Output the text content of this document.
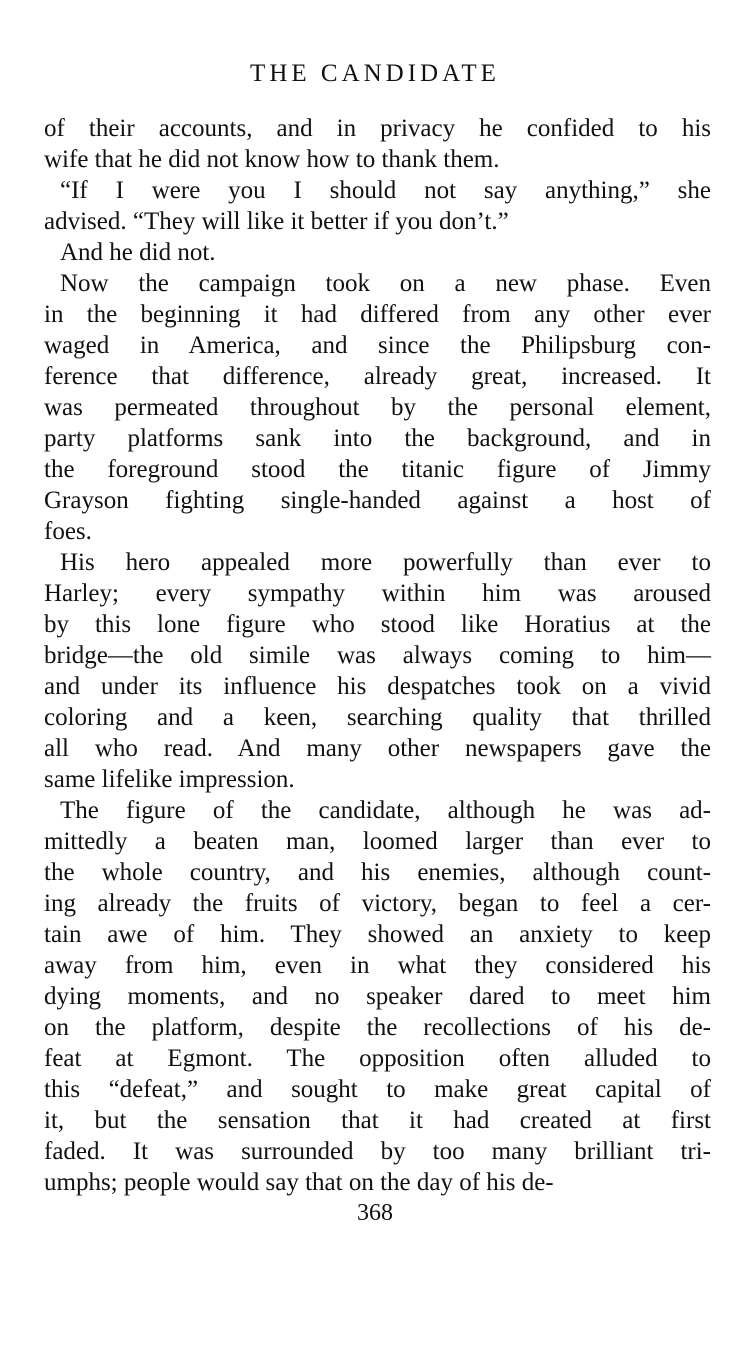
THE CANDIDATE
of their accounts, and in privacy he confided to his
wife that he did not know how to thank them.
“If I were you I should not say anything,” she
advised. “They will like it better if you don’t.”
And he did not.
Now the campaign took on a new phase. Even
in the beginning it had differed from any other ever
waged in America, and since the Philipsburg con-
ference that difference, already great, increased. It
was permeated throughout by the personal element,
party platforms sank into the background, and in
the foreground stood the titanic figure of Jimmy
Grayson fighting single-handed against a host of
foes.
His hero appealed more powerfully than ever to
Harley; every sympathy within him was aroused
by this lone figure who stood like Horatius at the
bridge—the old simile was always coming to him—
and under its influence his despatches took on a vivid
coloring and a keen, searching quality that thrilled
all who read. And many other newspapers gave the
same lifelike impression.
The figure of the candidate, although he was ad-
mittedly a beaten man, loomed larger than ever to
the whole country, and his enemies, although count-
ing already the fruits of victory, began to feel a cer-
tain awe of him. They showed an anxiety to keep
away from him, even in what they considered his
dying moments, and no speaker dared to meet him
on the platform, despite the recollections of his de-
feat at Egmont. The opposition often alluded to
this “defeat,” and sought to make great capital of
it, but the sensation that it had created at first
faded. It was surrounded by too many brilliant tri-
umphs; people would say that on the day of his de-
368
